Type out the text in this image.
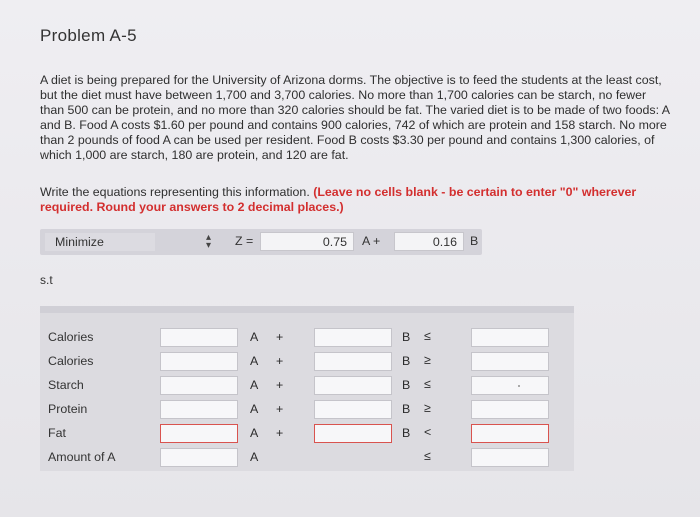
Problem A-5
A diet is being prepared for the University of Arizona dorms. The objective is to feed the students at the least cost, but the diet must have between 1,700 and 3,700 calories. No more than 1,700 calories can be starch, no fewer than 500 can be protein, and no more than 320 calories should be fat. The varied diet is to be made of two foods: A and B. Food A costs $1.60 per pound and contains 900 calories, 742 of which are protein and 158 starch. No more than 2 pounds of food A can be used per resident. Food B costs $3.30 per pound and contains 1,300 calories, of which 1,000 are starch, 180 are protein, and 120 are fat.
Write the equations representing this information. (Leave no cells blank - be certain to enter "0" wherever required. Round your answers to 2 decimal places.)
Minimize	▴
▾ Z =	0.75	A +	0.16	B
s.t
Calories	A +	B ≤
Calories	A +	B ≥
Starch	A +	B ≤
Protein	A +	B ≥
Fat	A +	B <
Amount of A	A	≤
